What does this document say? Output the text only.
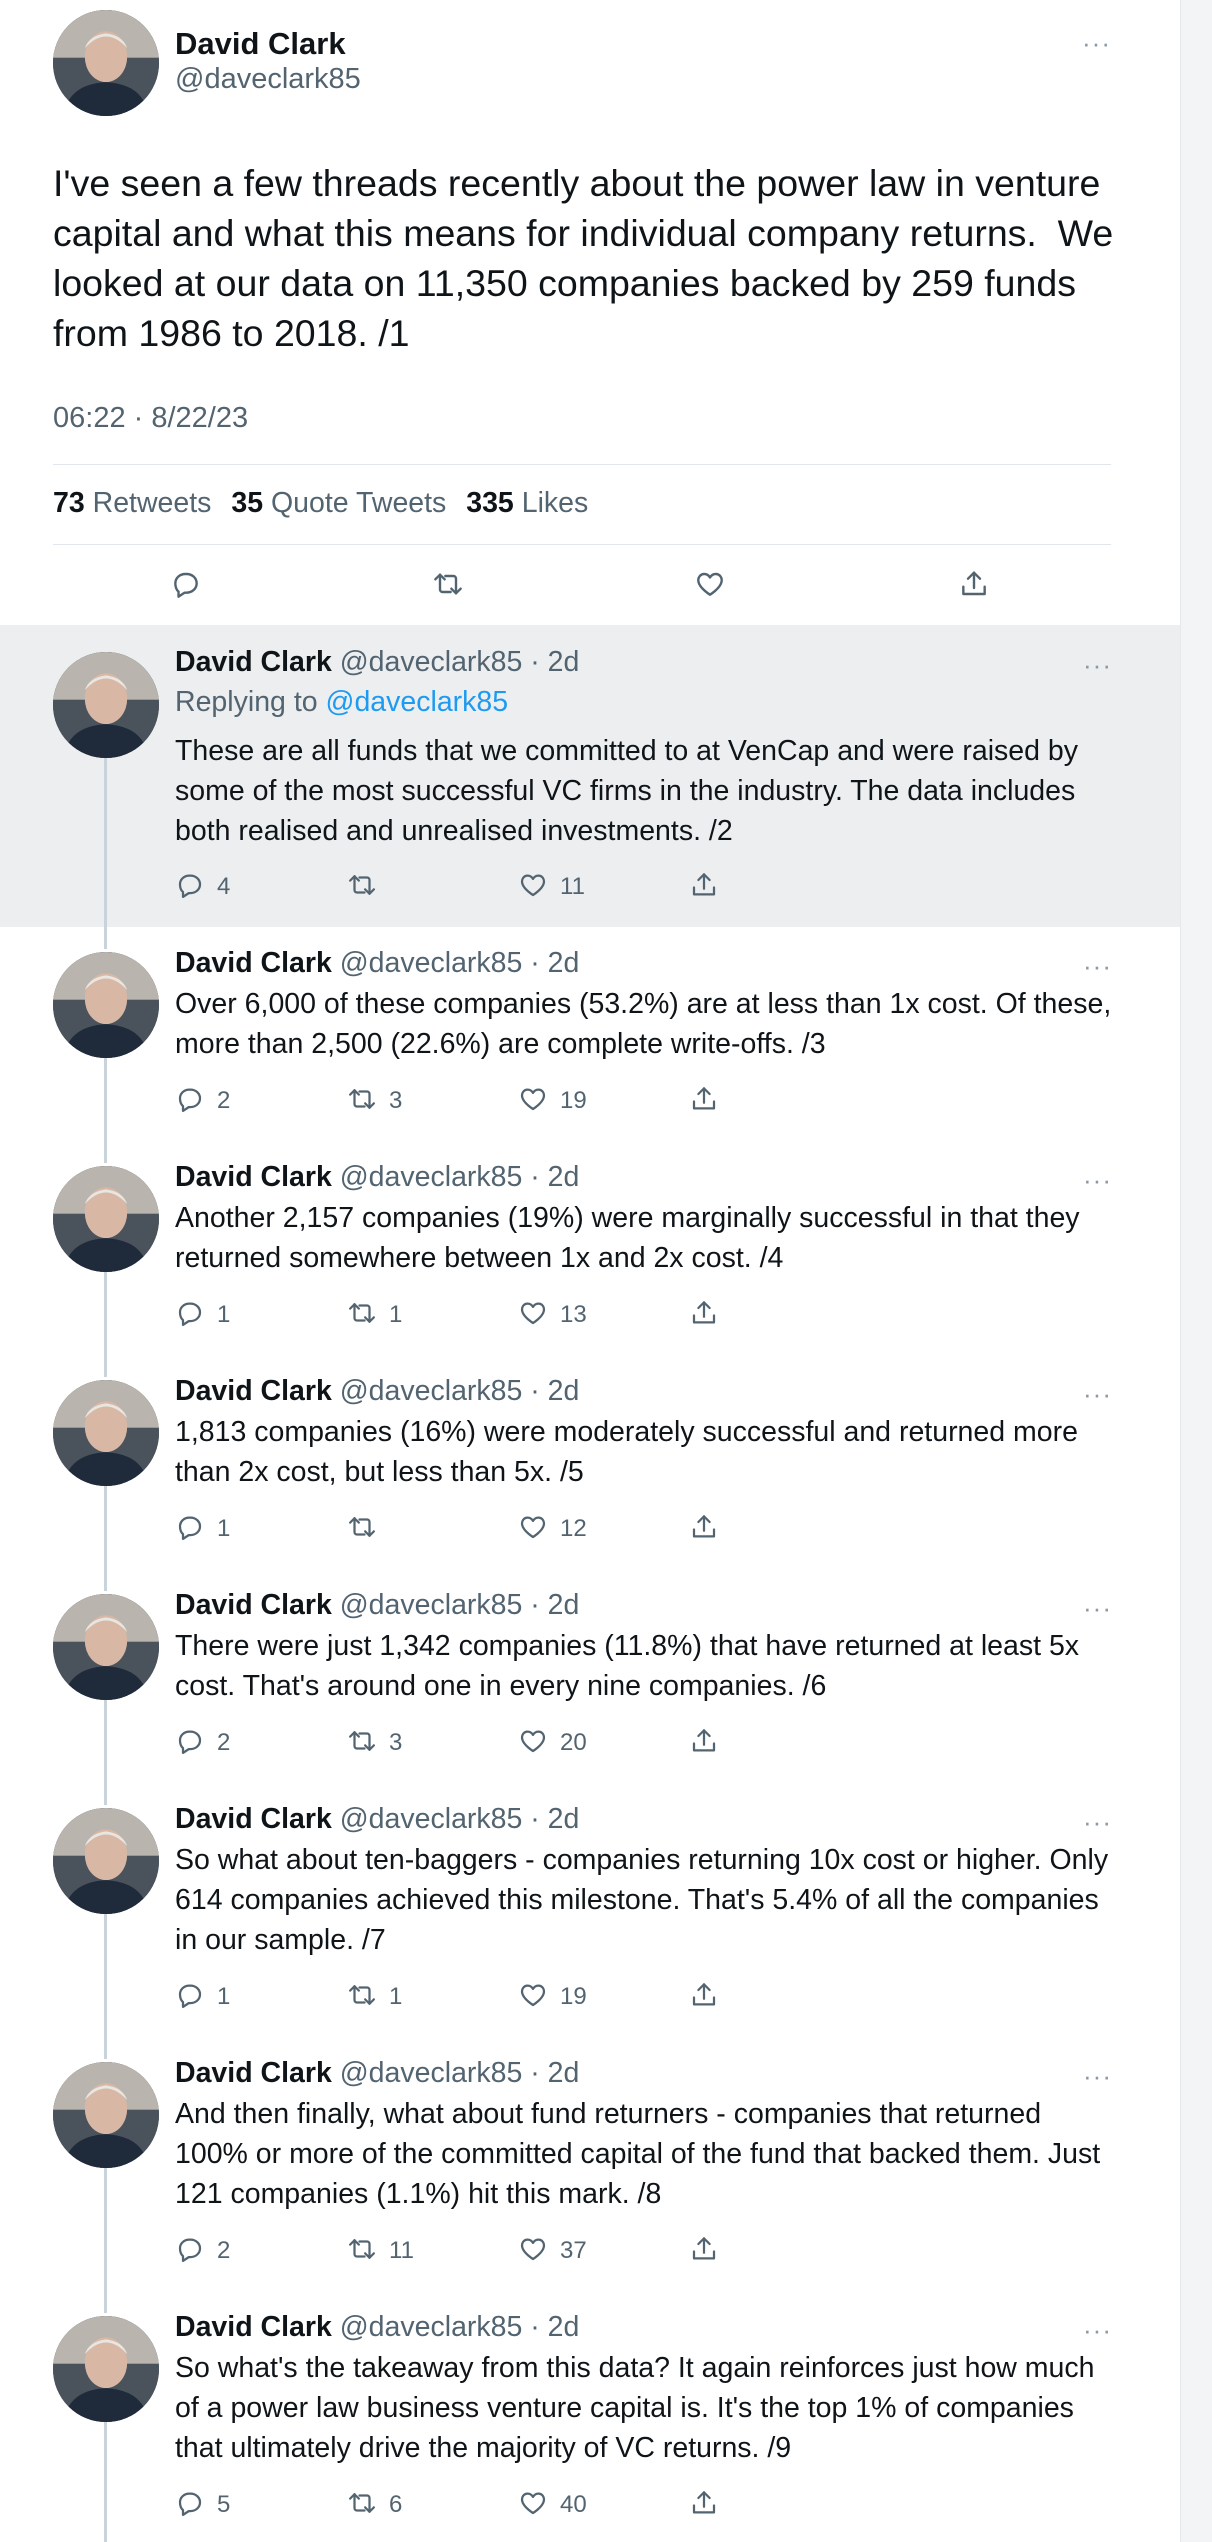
David Clark
@daveclark85
···
I've seen a few threads recently about the power law in venture capital and what this means for individual company returns.  We looked at our data on 11,350 companies backed by 259 funds from 1986 to 2018. /1
06:22 · 8/22/23
73 Retweets 35 Quote Tweets 335 Likes
David Clark @daveclark85 · 2d	···
Replying to @daveclark85
These are all funds that we committed to at VenCap and were raised by some of the most successful VC firms in the industry. The data includes both realised and unrealised investments. /2
4	11
David Clark @daveclark85 · 2d	···
Over 6,000 of these companies (53.2%) are at less than 1x cost. Of these, more than 2,500 (22.6%) are complete write-offs. /3
2	3	19
David Clark @daveclark85 · 2d	···
Another 2,157 companies (19%) were marginally successful in that they returned somewhere between 1x and 2x cost. /4
1	1	13
David Clark @daveclark85 · 2d	···
1,813 companies (16%) were moderately successful and returned more than 2x cost, but less than 5x. /5
1	12
David Clark @daveclark85 · 2d	···
There were just 1,342 companies (11.8%) that have returned at least 5x cost. That's around one in every nine companies. /6
2	3	20
David Clark @daveclark85 · 2d	···
So what about ten-baggers - companies returning 10x cost or higher. Only 614 companies achieved this milestone. That's 5.4% of all the companies in our sample. /7
1	1	19
David Clark @daveclark85 · 2d	···
And then finally, what about fund returners - companies that returned 100% or more of the committed capital of the fund that backed them. Just 121 companies (1.1%) hit this mark. /8
2	11	37
David Clark @daveclark85 · 2d	···
So what's the takeaway from this data? It again reinforces just how much of a power law business venture capital is. It's the top 1% of companies that ultimately drive the majority of VC returns. /9
5	6	40
